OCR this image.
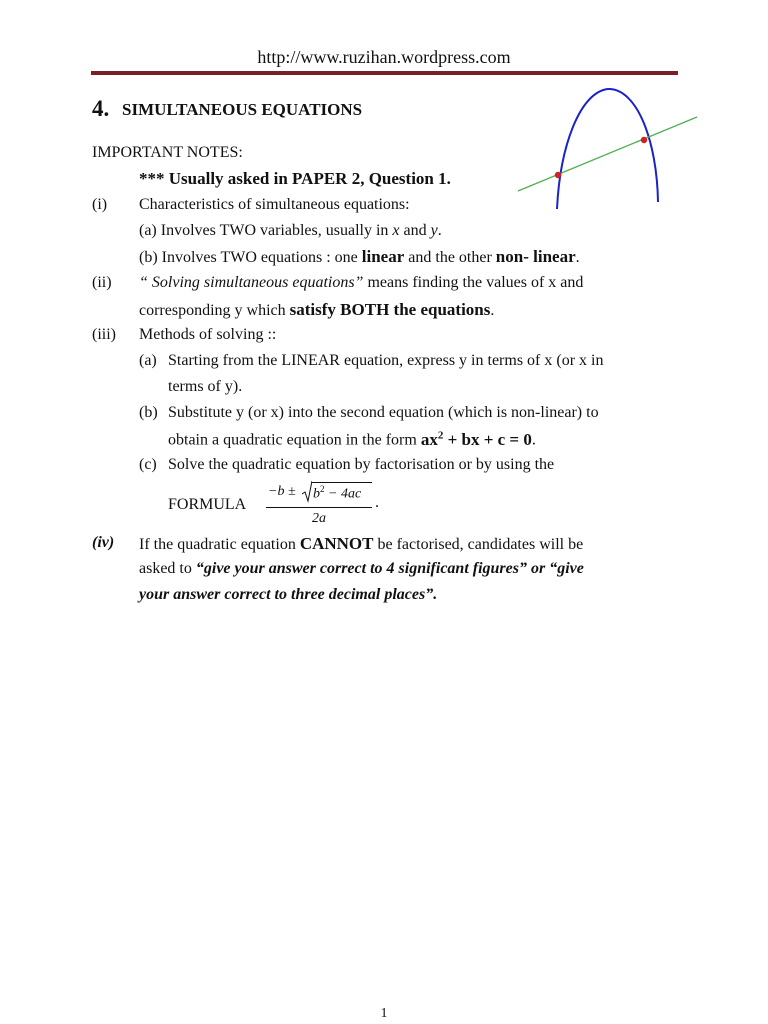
http://www.ruzihan.wordpress.com
4. SIMULTANEOUS EQUATIONS
IMPORTANT NOTES:
*** Usually asked in PAPER 2, Question 1.
(i) Characteristics of simultaneous equations:
(a) Involves TWO variables, usually in x and y.
(b) Involves TWO equations : one linear and the other non- linear.
(ii) “ Solving simultaneous equations” means finding the values of x and
corresponding y which satisfy BOTH the equations.
(iii) Methods of solving ::
(a) Starting from the LINEAR equation, express y in terms of x (or x in
terms of y).
(b) Substitute y (or x) into the second equation (which is non-linear) to
obtain a quadratic equation in the form $ax^2$ + bx + c = 0.
(c) Solve the quadratic equation by factorisation or by using the
FORMULA
$-b \pm b^2 - 4ac$
2a
.
(iv) If the quadratic equation CANNOT be factorised, candidates will be
asked to “give your answer correct to 4 significant figures” or “give
your answer correct to three decimal places”.
1
